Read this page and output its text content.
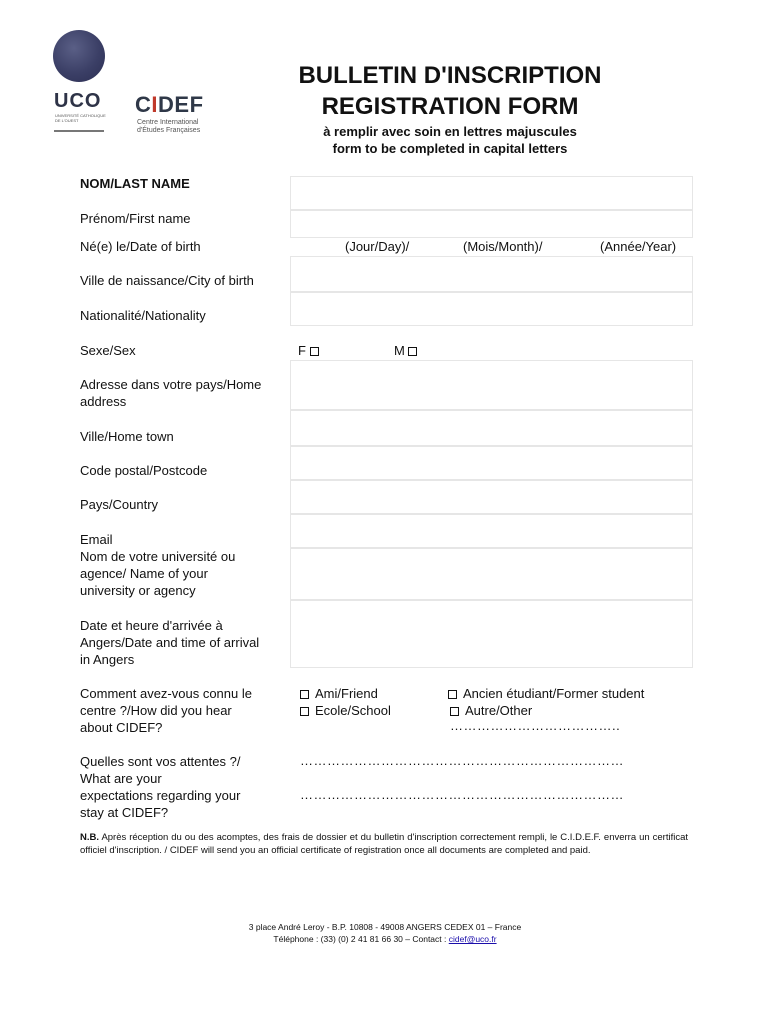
UCO
UNIVERSITÉ CATHOLIQUE DE L'OUEST
CIDEF
Centre International
d'Études Françaises
BULLETIN D'INSCRIPTION
REGISTRATION FORM
à remplir avec soin en lettres majuscules
form to be completed in capital letters
NOM/LAST NAME
Prénom/First name
Né(e) le/Date of birth	(Jour/Day)/	(Mois/Month)/	(Année/Year)
Ville de naissance/City of birth
Nationalité/Nationality
Sexe/Sex	F	M
Adresse dans votre pays/Home
address
Ville/Home town
Code postal/Postcode
Pays/Country
Email
Nom de votre université ou
agence/ Name of your
university or agency
Date et heure d'arrivée à
Angers/Date and time of arrival
in Angers
Comment avez-vous connu le
centre ?/How did you hear
about CIDEF?
Ami/Friend	Ancien étudiant/Former student
Ecole/School	Autre/Other
………………………………..
Quelles sont vos attentes ?/
What are your
expectations regarding your
stay at CIDEF?
………………………………………………………………
………………………………………………………………
N.B. Après réception du ou des acomptes, des frais de dossier et du bulletin d'inscription correctement rempli, le C.I.D.E.F. enverra un certificat officiel d'inscription. / CIDEF will send you an official certificate of registration once all documents are completed and paid.
3 place André Leroy - B.P. 10808 - 49008 ANGERS CEDEX 01 – France
Téléphone : (33) (0) 2 41 81 66 30 – Contact : cidef@uco.fr
